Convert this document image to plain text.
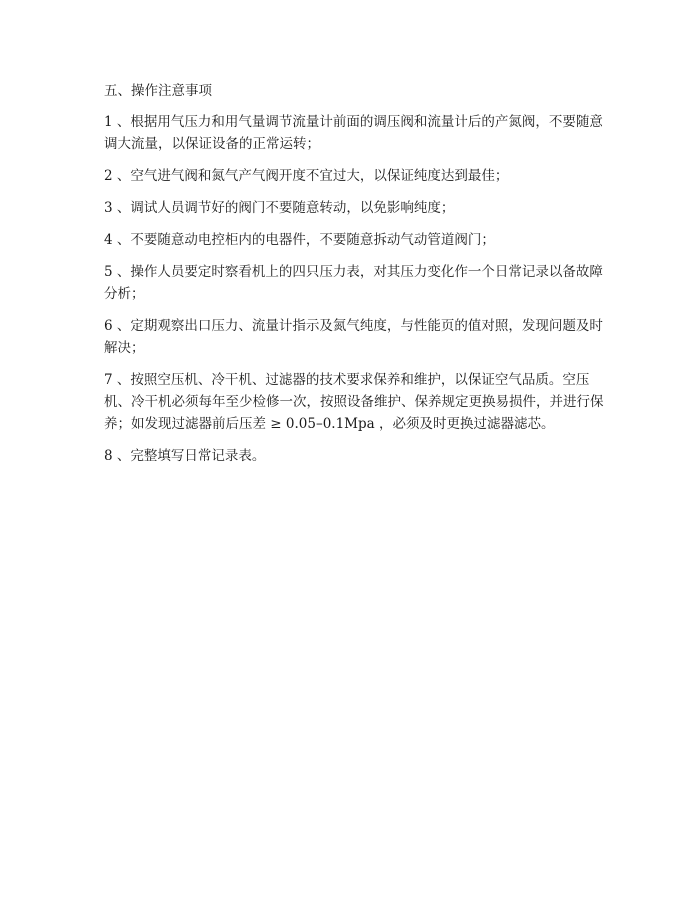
五、操作注意事项
1 、根据用气压力和用气量调节流量计前面的调压阀和流量计后的产氮阀，不要随意调大流量，以保证设备的正常运转；
2 、空气进气阀和氮气产气阀开度不宜过大，以保证纯度达到最佳；
3 、调试人员调节好的阀门不要随意转动，以免影响纯度；
4 、不要随意动电控柜内的电器件，不要随意拆动气动管道阀门；
5 、操作人员要定时察看机上的四只压力表，对其压力变化作一个日常记录以备故障分析；
6 、定期观察出口压力、流量计指示及氮气纯度，与性能页的值对照，发现问题及时解决；
7 、按照空压机、冷干机、过滤器的技术要求保养和维护，以保证空气品质。空压机、冷干机必须每年至少检修一次，按照设备维护、保养规定更换易损件，并进行保养；如发现过滤器前后压差 ≥ 0.05–0.1Mpa ，必须及时更换过滤器滤芯。
8 、完整填写日常记录表。
